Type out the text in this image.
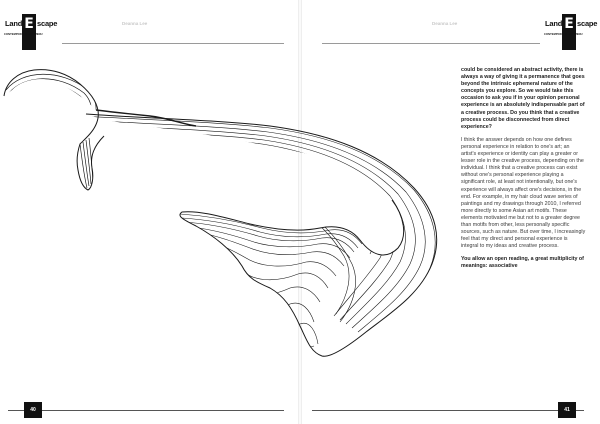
Land E scape
CONTEMPORARY ART MENU
Deanna Lee
40
Land E scape
CONTEMPORARY ART MENU
Deanna Lee
41

could be considered an abstract activity, there is always a way of giving it a permanence that goes beyond the intrinsic ephemeral nature of the concepts you explore. So we would take this occasion to ask you if in your opinion personal experience is an absolutely indispensable part of a creative process. Do you think that a creative process could be disconnected from direct experience?

I think the answer depends on how one defines personal experience in relation to one's art; an artist's experience or identity can play a greater or lesser role in the creative process, depending on the individual. I think that a creative process can exist without one's personal experience playing a significant role, at least not intentionally, but one's experience will always affect one's decisions, in the end. For example, in my hair cloud wave series of paintings and my drawings through 2010, I referred more directly to some Asian art motifs. These elements motivated me but not to a greater degree than motifs from other, less personally specific sources, such as nature. But over time, I increasingly feel that my direct and personal experience is integral to my ideas and creative process.

You allow an open reading, a great multiplicity of meanings: associative
